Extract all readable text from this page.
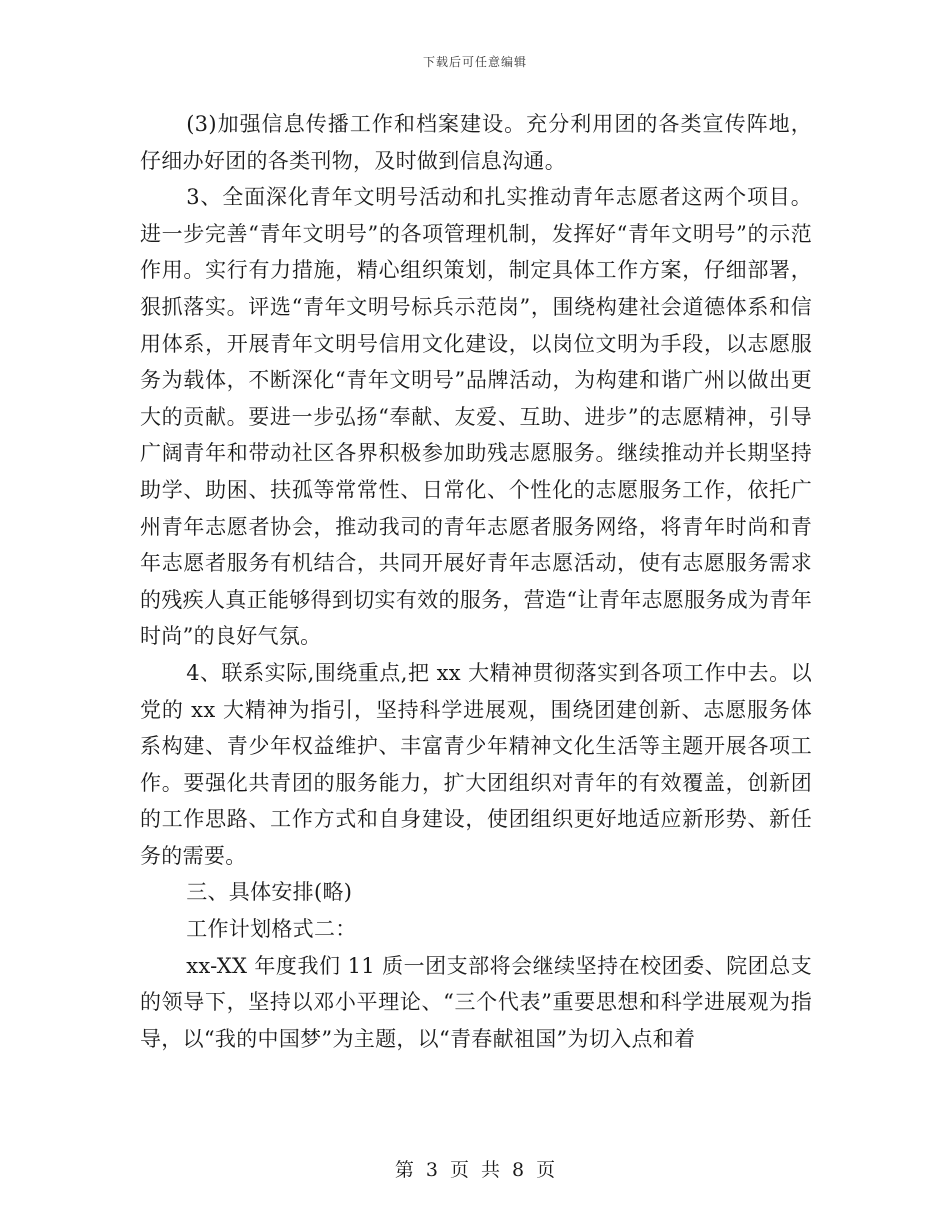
下载后可任意编辑

(3)加强信息传播工作和档案建设。充分利用团的各类宣传阵地，仔细办好团的各类刊物，及时做到信息沟通。

3、全面深化青年文明号活动和扎实推动青年志愿者这两个项目。进一步完善“青年文明号”的各项管理机制，发挥好“青年文明号”的示范作用。实行有力措施，精心组织策划，制定具体工作方案，仔细部署，狠抓落实。评选“青年文明号标兵示范岗”，围绕构建社会道德体系和信用体系，开展青年文明号信用文化建设，以岗位文明为手段，以志愿服务为载体，不断深化“青年文明号”品牌活动，为构建和谐广州以做出更大的贡献。要进一步弘扬“奉献、友爱、互助、进步”的志愿精神，引导广阔青年和带动社区各界积极参加助残志愿服务。继续推动并长期坚持助学、助困、扶孤等常常性、日常化、个性化的志愿服务工作，依托广州青年志愿者协会，推动我司的青年志愿者服务网络，将青年时尚和青年志愿者服务有机结合，共同开展好青年志愿活动，使有志愿服务需求的残疾人真正能够得到切实有效的服务，营造“让青年志愿服务成为青年时尚”的良好气氛。

4、联系实际,围绕重点,把 xx 大精神贯彻落实到各项工作中去。以党的 xx 大精神为指引，坚持科学进展观，围绕团建创新、志愿服务体系构建、青少年权益维护、丰富青少年精神文化生活等主题开展各项工作。要强化共青团的服务能力，扩大团组织对青年的有效覆盖，创新团的工作思路、工作方式和自身建设，使团组织更好地适应新形势、新任务的需要。

三、具体安排(略)

工作计划格式二：

xx-XX 年度我们 11 质一团支部将会继续坚持在校团委、院团总支的领导下，坚持以邓小平理论、“三个代表”重要思想和科学进展观为指导，以“我的中国梦”为主题，以“青春献祖国”为切入点和着

第 3 页 共 8 页
